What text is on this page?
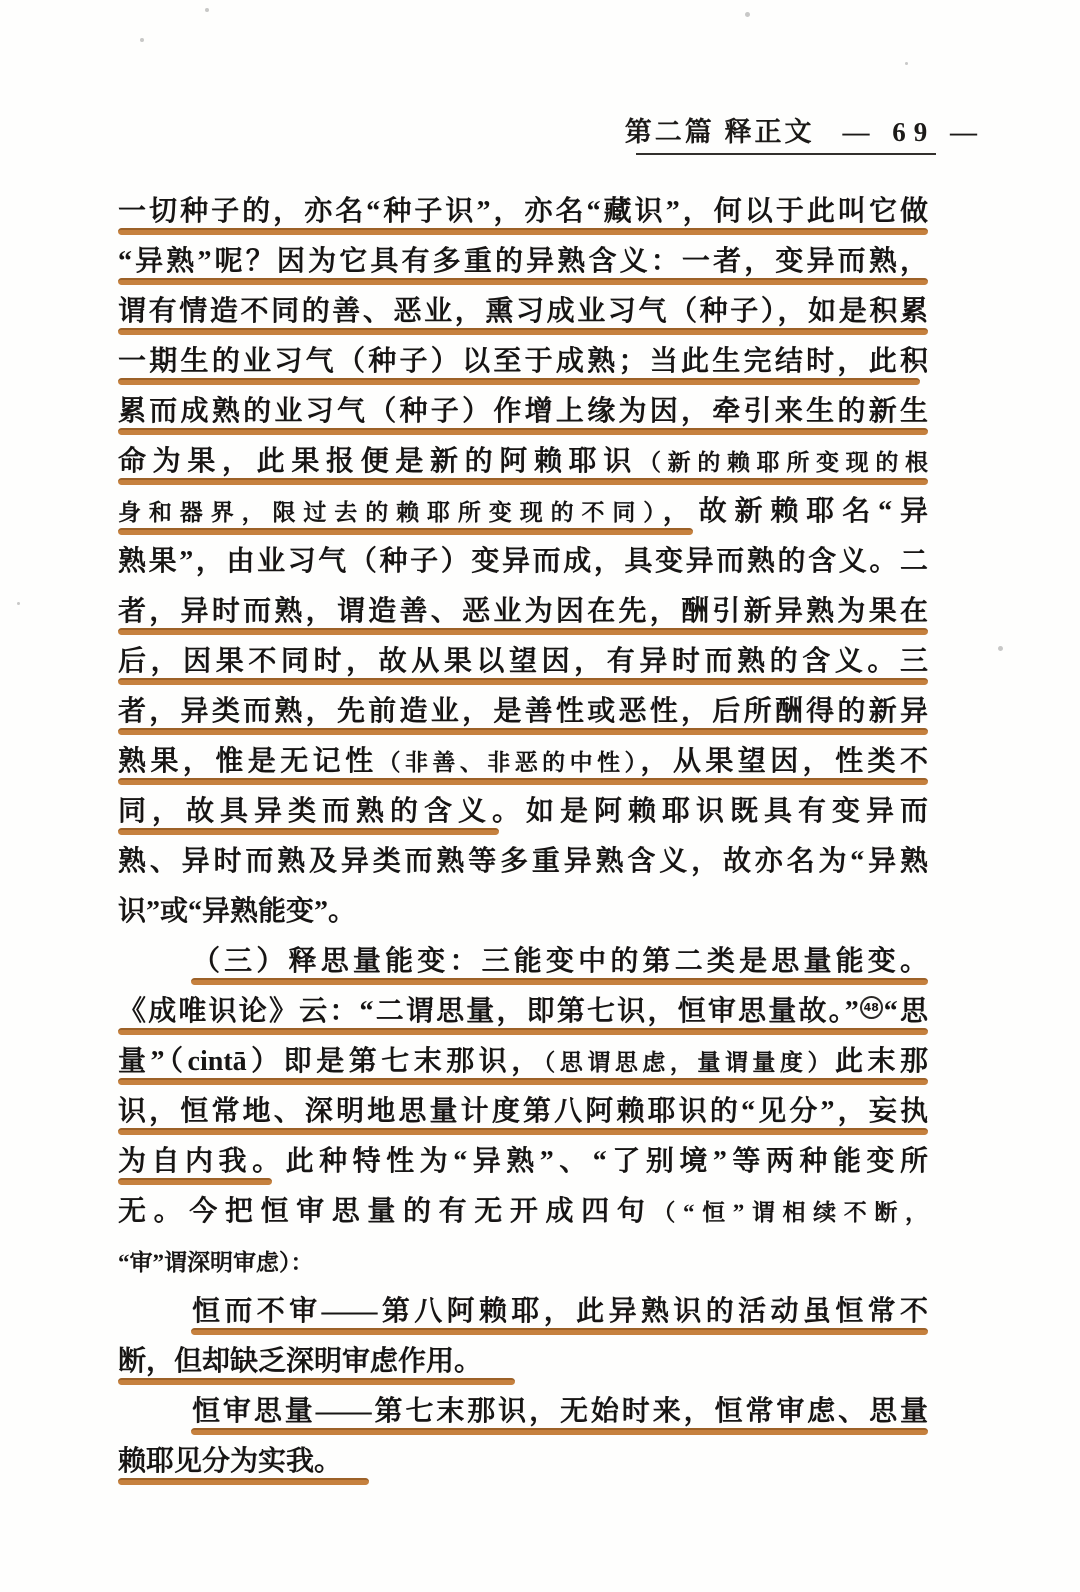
第二篇 释正文 — 69 —
一切种子的，亦名“种子识”，亦名“藏识”，何以于此叫它做
“异熟”呢？因为它具有多重的异熟含义：一者，变异而熟，
谓有情造不同的善、恶业，熏习成业习气（种子），如是积累
一期生的业习气（种子）以至于成熟；当此生完结时，此积
累而成熟的业习气（种子）作增上缘为因，牵引来生的新生
命为果，此果报便是新的阿赖耶识（新的赖耶所变现的根
身和器界，限过去的赖耶所变现的不同），故新赖耶名“异
熟果”，由业习气（种子）变异而成，具变异而熟的含义。二
者，异时而熟，谓造善、恶业为因在先，酬引新异熟为果在
后，因果不同时，故从果以望因，有异时而熟的含义。三
者，异类而熟，先前造业，是善性或恶性，后所酬得的新异
熟果，惟是无记性（非善、非恶的中性），从果望因，性类不
同，故具异类而熟的含义。如是阿赖耶识既具有变异而
熟、异时而熟及异类而熟等多重异熟含义，故亦名为“异熟
识”或“异熟能变”。
（三）释思量能变：三能变中的第二类是思量能变。
《成唯识论》云：“二谓思量，即第七识，恒审思量故。” 48 “思
量”（cintā）即是第七末那识，（思谓思虑，量谓量度）此末那
识，恒常地、深明地思量计度第八阿赖耶识的“见分”，妄执
为自内我。此种特性为“异熟”、“了别境”等两种能变所
无。今把恒审思量的有无开成四句（“恒”谓相续不断，
“审”谓深明审虑）：
恒而不审——第八阿赖耶，此异熟识的活动虽恒常不
断，但却缺乏深明审虑作用。
恒审思量——第七末那识，无始时来，恒常审虑、思量
赖耶见分为实我。
